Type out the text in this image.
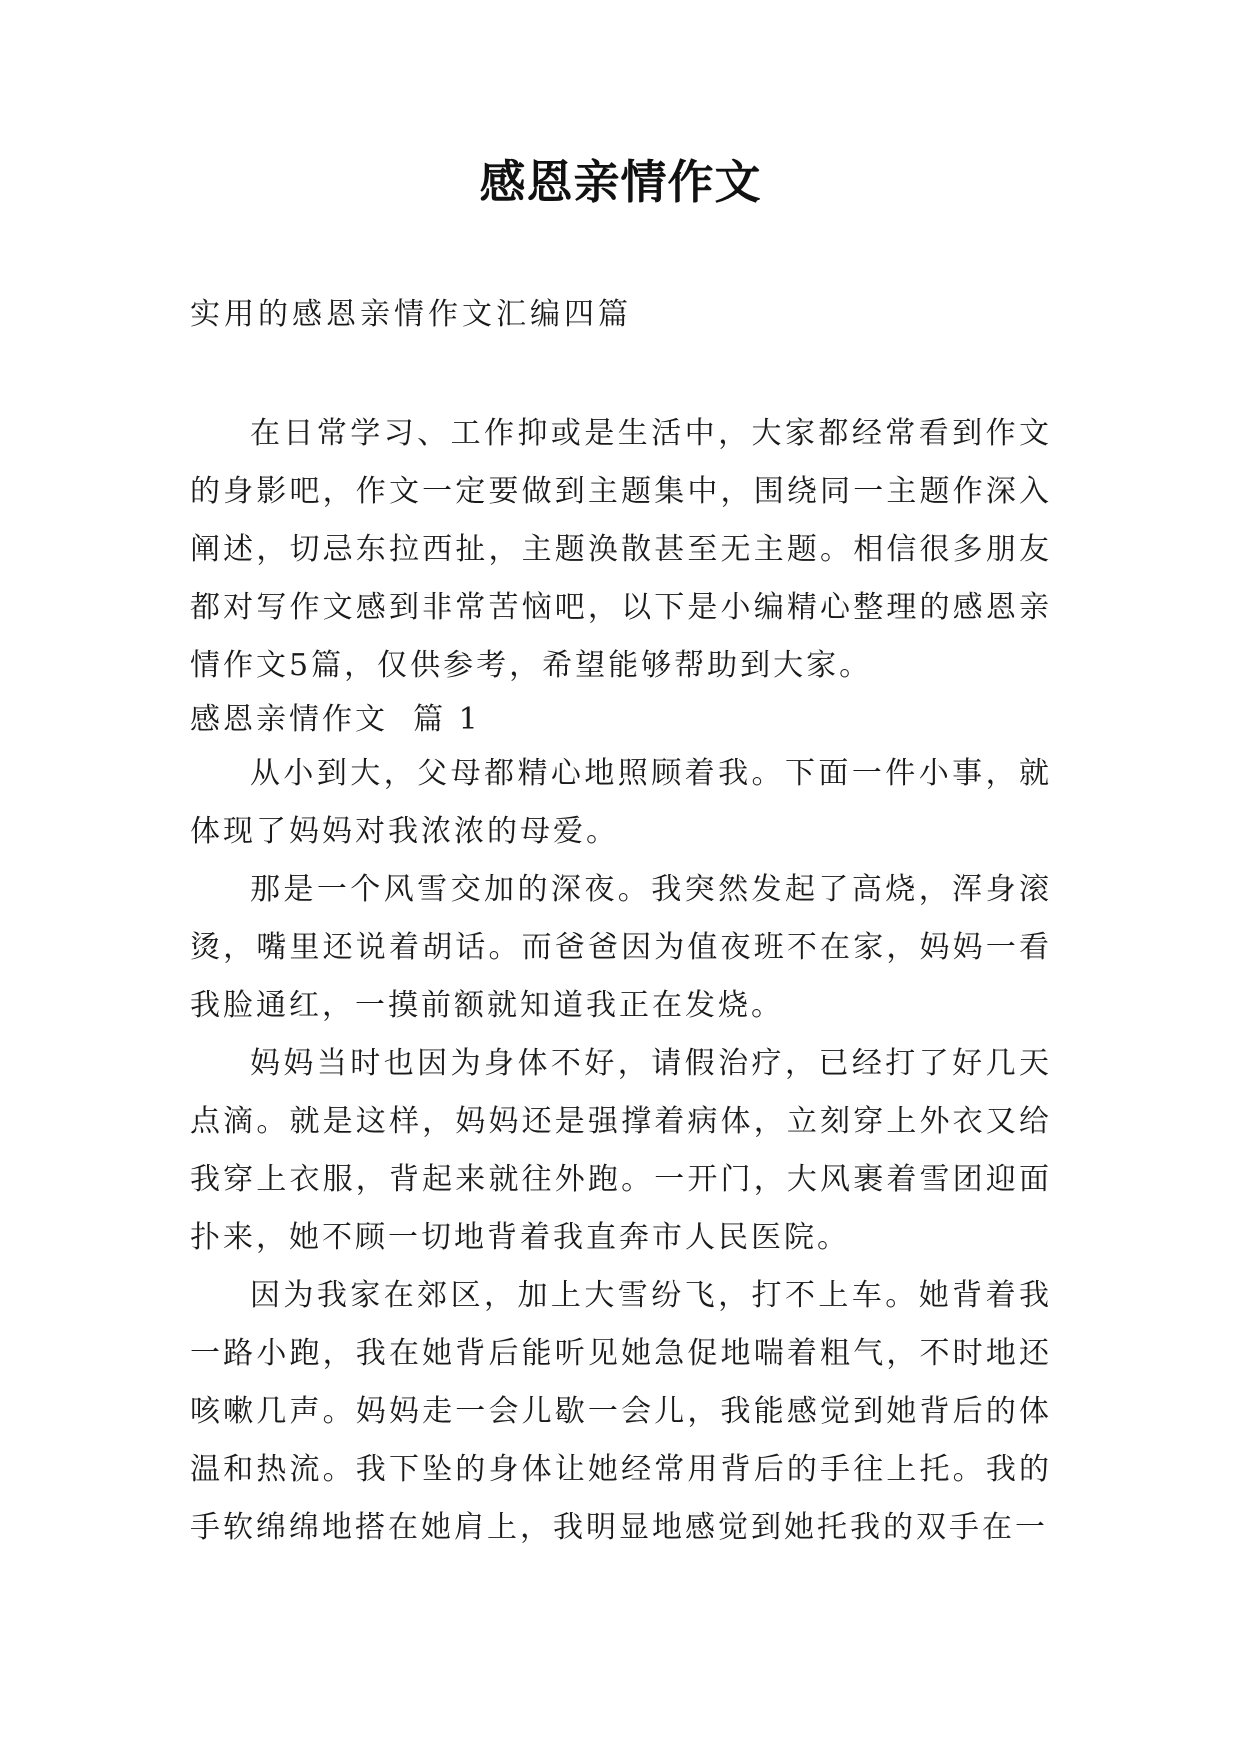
感恩亲情作文
实用的感恩亲情作文汇编四篇

在日常学习、工作抑或是生活中，大家都经常看到作文的身影吧，作文一定要做到主题集中，围绕同一主题作深入阐述，切忌东拉西扯，主题涣散甚至无主题。相信很多朋友都对写作文感到非常苦恼吧，以下是小编精心整理的感恩亲情作文5篇，仅供参考，希望能够帮助到大家。

感恩亲情作文  篇 1

从小到大，父母都精心地照顾着我。下面一件小事，就体现了妈妈对我浓浓的母爱。

那是一个风雪交加的深夜。我突然发起了高烧，浑身滚烫，嘴里还说着胡话。而爸爸因为值夜班不在家，妈妈一看我脸通红，一摸前额就知道我正在发烧。

妈妈当时也因为身体不好，请假治疗，已经打了好几天点滴。就是这样，妈妈还是强撑着病体，立刻穿上外衣又给我穿上衣服，背起来就往外跑。一开门，大风裹着雪团迎面扑来，她不顾一切地背着我直奔市人民医院。

因为我家在郊区，加上大雪纷飞，打不上车。她背着我一路小跑，我在她背后能听见她急促地喘着粗气，不时地还咳嗽几声。妈妈走一会儿歇一会儿，我能感觉到她背后的体温和热流。我下坠的身体让她经常用背后的手往上托。我的手软绵绵地搭在她肩上，我明显地感觉到她托我的双手在一
